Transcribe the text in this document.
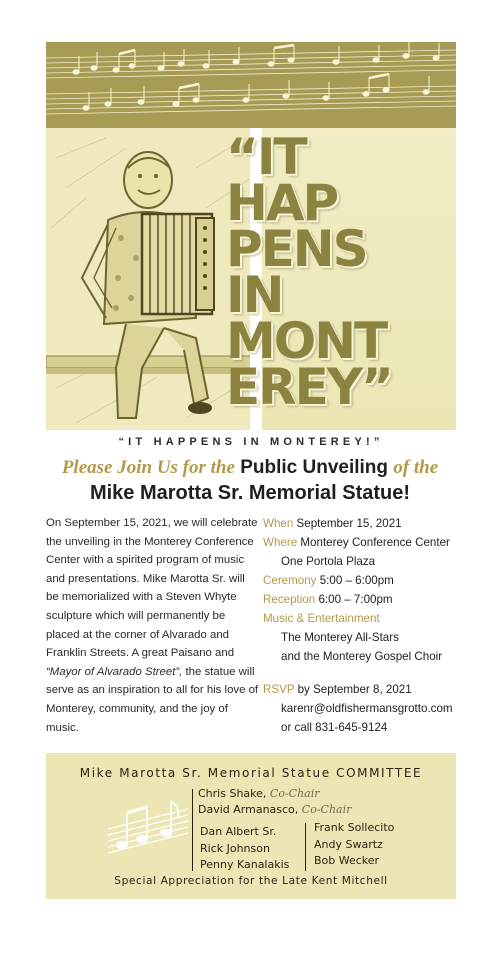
“IT
HAP
PENS
IN
MONT
EREY”
“IT HAPPENS IN MONTEREY!”
Please Join Us for the Public Unveiling of the
Mike Marotta Sr. Memorial Statue!
On September 15, 2021, we will celebrate the unveiling in the Monterey Conference Center with a spirited program of music and presentations. Mike Marotta Sr. will be memorialized with a Steven Whyte sculpture which will permanently be placed at the corner of Alvarado and Franklin Streets. A great Paisano and “Mayor of Alvarado Street”, the statue will serve as an inspiration to all for his love of Monterey, community, and the joy of music.
When September 15, 2021
Where Monterey Conference Center
One Portola Plaza
Ceremony 5:00 – 6:00pm
Reception 6:00 – 7:00pm
Music & Entertainment
The Monterey All-Stars
and the Monterey Gospel Choir
RSVP by September 8, 2021
karenr@oldfishermansgrotto.com
or call 831-645-9124
Mike Marotta Sr. Memorial Statue COMMITTEE
Chris Shake, Co-Chair
David Armanasco, Co-Chair
Dan Albert Sr.
Rick Johnson
Penny Kanalakis
Frank Sollecito
Andy Swartz
Bob Wecker
Special Appreciation for the Late Kent Mitchell
